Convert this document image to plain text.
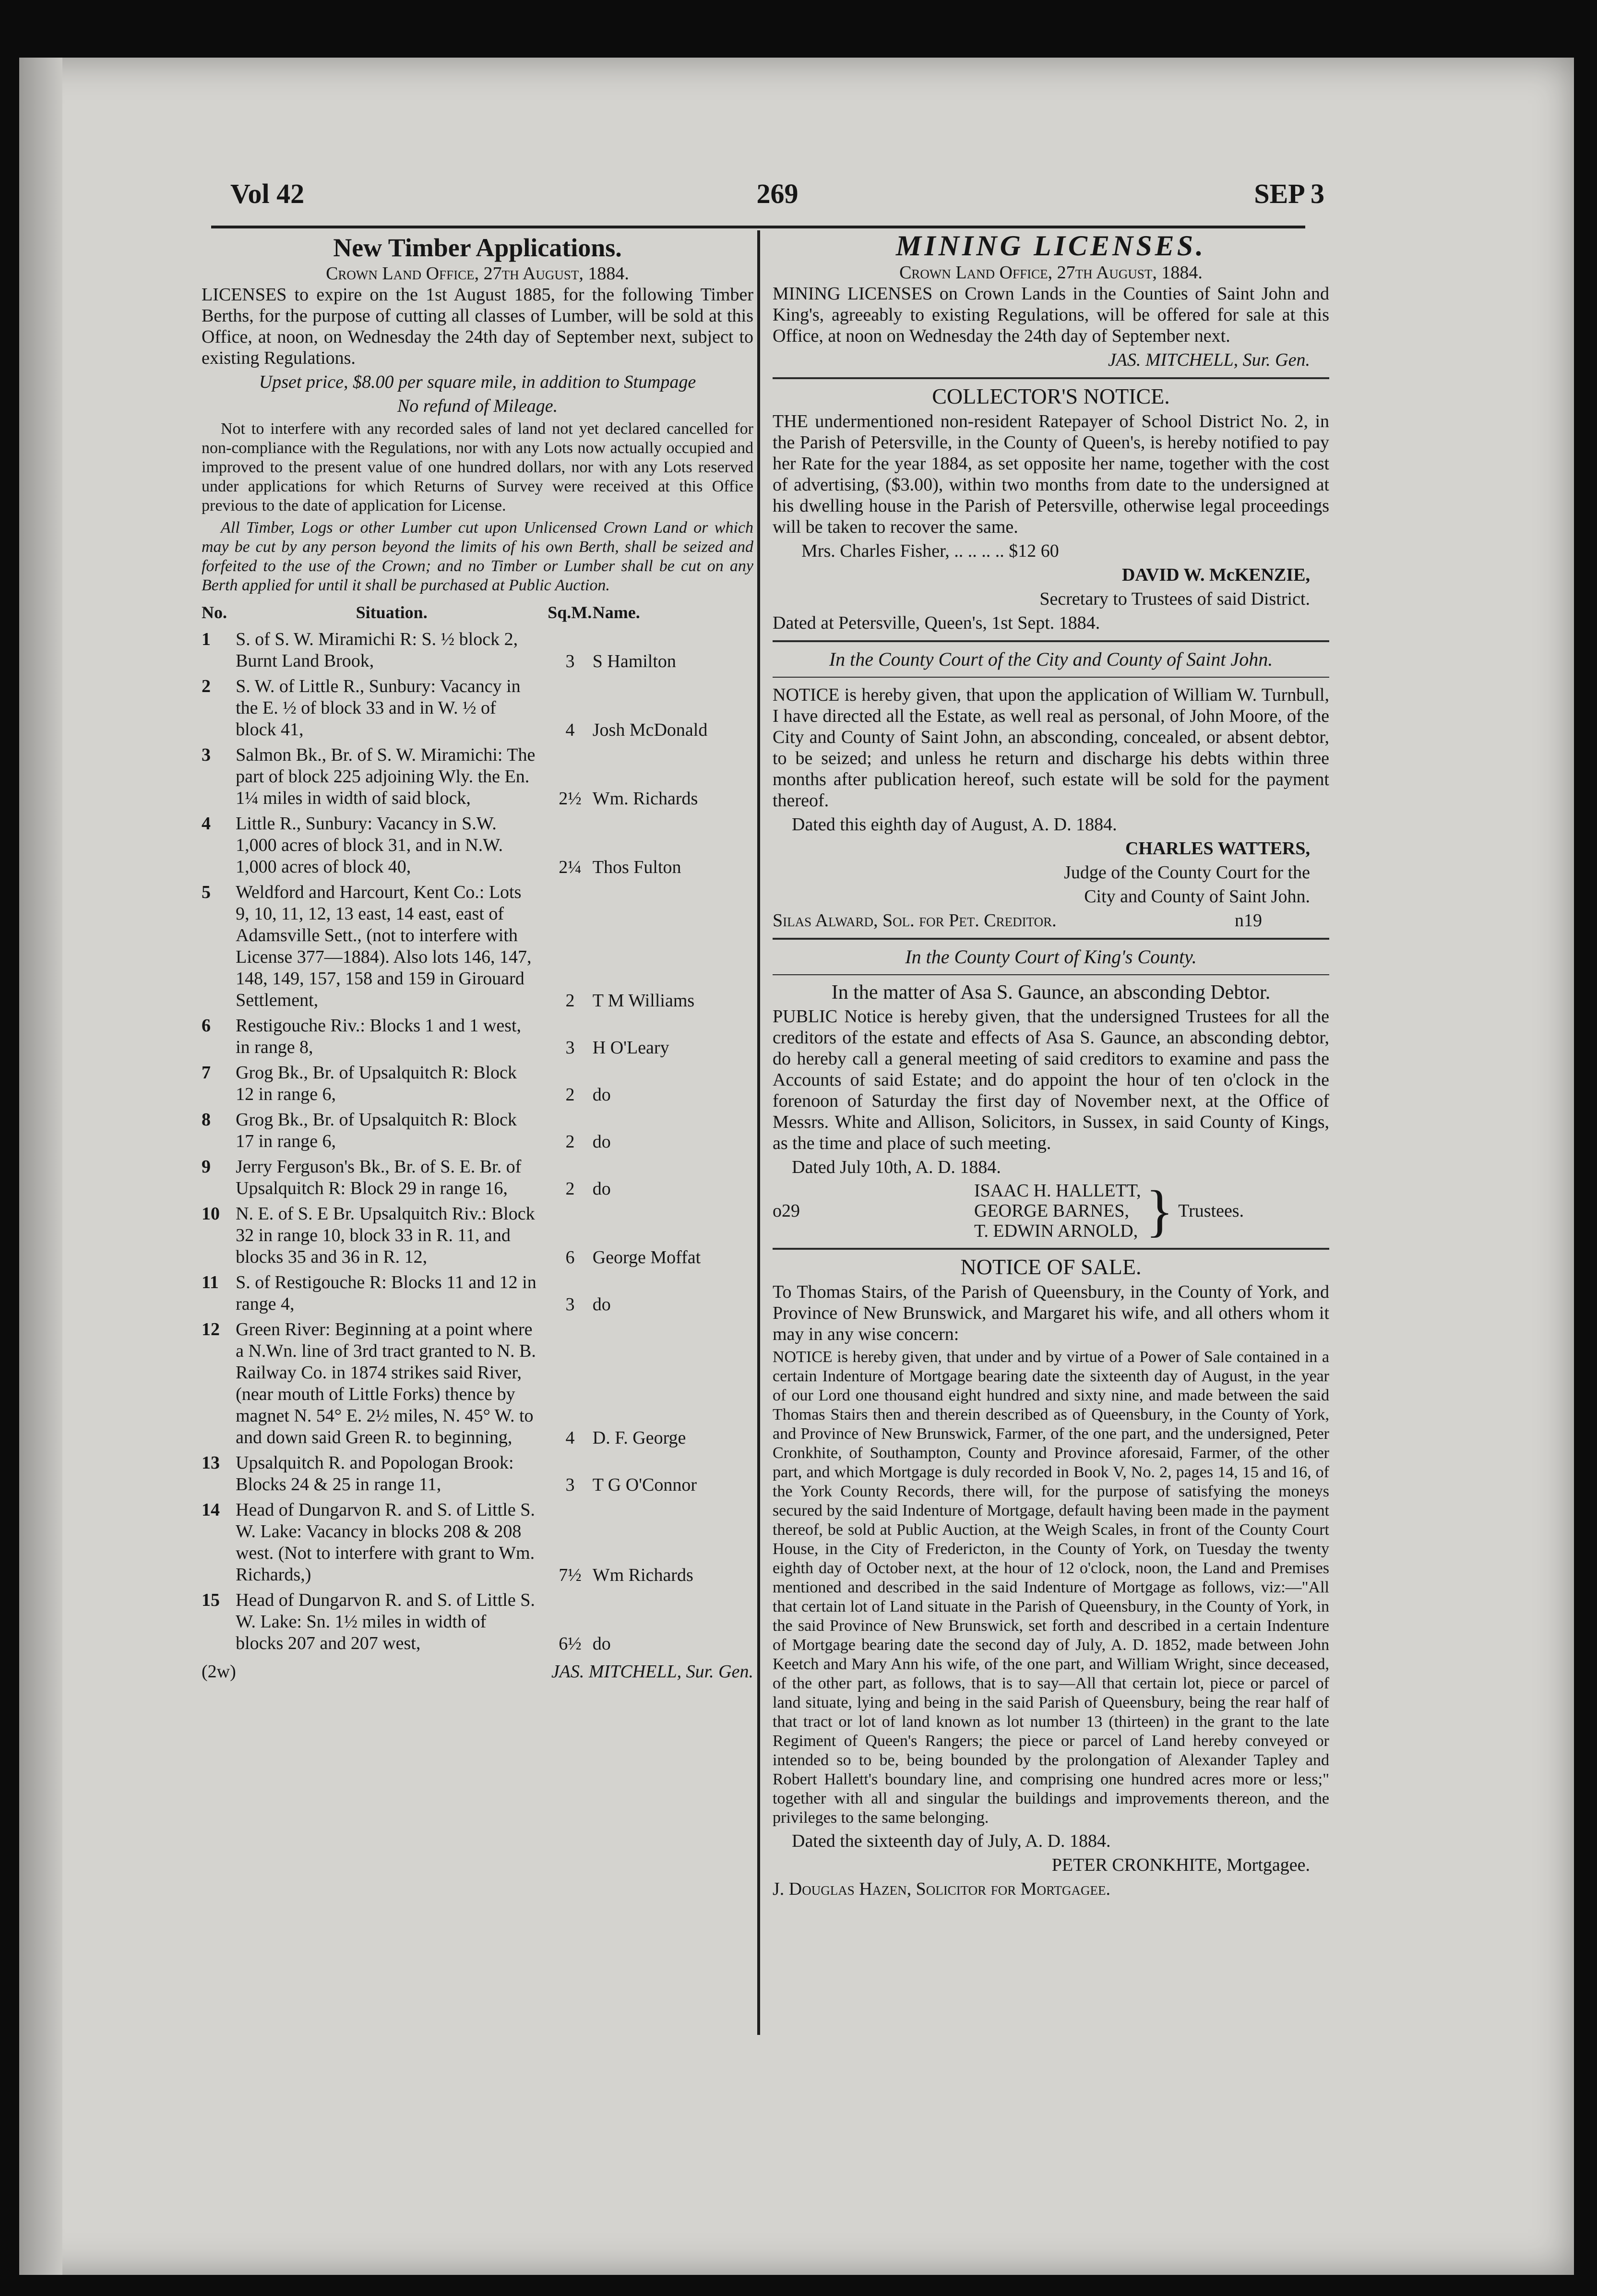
Vol 42	269	SEP 3
New Timber Applications.
Crown Land Office, 27th August, 1884.

LICENSES to expire on the 1st August 1885, for the following Timber Berths, for the purpose of cutting all classes of Lumber, will be sold at this Office, at noon, on Wednesday the 24th day of September next, subject to existing Regulations.

Upset price, $8.00 per square mile, in addition to Stumpage

No refund of Mileage.

Not to interfere with any recorded sales of land not yet declared cancelled for non-compliance with the Regulations, nor with any Lots now actually occupied and improved to the present value of one hundred dollars, nor with any Lots reserved under applications for which Returns of Survey were received at this Office previous to the date of application for License.

All Timber, Logs or other Lumber cut upon Unlicensed Crown Land or which may be cut by any person beyond the limits of his own Berth, shall be seized and forfeited to the use of the Crown; and no Timber or Lumber shall be cut on any Berth applied for until it shall be purchased at Public Auction.

No.	Situation.	Sq.M.	Name.
1	S. of S. W. Miramichi R: S. ½ block 2, Burnt Land Brook,	3	S Hamilton
2	S. W. of Little R., Sunbury: Vacancy in the E. ½ of block 33 and in W. ½ of block 41,	4	Josh McDonald
3	Salmon Bk., Br. of S. W. Miramichi: The part of block 225 adjoining Wly. the En. 1¼ miles in width of said block,	2½	Wm. Richards
4	Little R., Sunbury: Vacancy in S.W. 1,000 acres of block 31, and in N.W. 1,000 acres of block 40,	2¼	Thos Fulton
5	Weldford and Harcourt, Kent Co.: Lots 9, 10, 11, 12, 13 east, 14 east, east of Adamsville Sett., (not to interfere with License 377—1884). Also lots 146, 147, 148, 149, 157, 158 and 159 in Girouard Settlement,	2	T M Williams
6	Restigouche Riv.: Blocks 1 and 1 west, in range 8,	3	H O'Leary
7	Grog Bk., Br. of Upsalquitch R: Block 12 in range 6,	2	do
8	Grog Bk., Br. of Upsalquitch R: Block 17 in range 6,	2	do
9	Jerry Ferguson's Bk., Br. of S. E. Br. of Upsalquitch R: Block 29 in range 16,	2	do
10	N. E. of S. E Br. Upsalquitch Riv.: Block 32 in range 10, block 33 in R. 11, and blocks 35 and 36 in R. 12,	6	George Moffat
11	S. of Restigouche R: Blocks 11 and 12 in range 4,	3	do
12	Green River: Beginning at a point where a N.Wn. line of 3rd tract granted to N. B. Railway Co. in 1874 strikes said River, (near mouth of Little Forks) thence by magnet N. 54° E. 2½ miles, N. 45° W. to and down said Green R. to beginning,	4	D. F. George
13	Upsalquitch R. and Popologan Brook: Blocks 24 & 25 in range 11,	3	T G O'Connor
14	Head of Dungarvon R. and S. of Little S. W. Lake: Vacancy in blocks 208 & 208 west. (Not to interfere with grant to Wm. Richards,)	7½	Wm Richards
15	Head of Dungarvon R. and S. of Little S. W. Lake: Sn. 1½ miles in width of blocks 207 and 207 west,	6½	do
(2w)	JAS. MITCHELL, Sur. Gen.
MINING LICENSES.
Crown Land Office, 27th August, 1884.

MINING LICENSES on Crown Lands in the Counties of Saint John and King's, agreeably to existing Regulations, will be offered for sale at this Office, at noon on Wednesday the 24th day of September next.

JAS. MITCHELL, Sur. Gen.

COLLECTOR'S NOTICE.

THE undermentioned non-resident Ratepayer of School District No. 2, in the Parish of Petersville, in the County of Queen's, is hereby notified to pay her Rate for the year 1884, as set opposite her name, together with the cost of advertising, ($3.00), within two months from date to the undersigned at his dwelling house in the Parish of Petersville, otherwise legal proceedings will be taken to recover the same.

Mrs. Charles Fisher, .. .. .. .. $12 60

DAVID W. McKENZIE,

Secretary to Trustees of said District.

Dated at Petersville, Queen's, 1st Sept. 1884.

In the County Court of the City and County of Saint John.

NOTICE is hereby given, that upon the application of William W. Turnbull, I have directed all the Estate, as well real as personal, of John Moore, of the City and County of Saint John, an absconding, concealed, or absent debtor, to be seized; and unless he return and discharge his debts within three months after publication hereof, such estate will be sold for the payment thereof.

Dated this eighth day of August, A. D. 1884.

CHARLES WATTERS,

Judge of the County Court for the

City and County of Saint John.

Silas Alward, Sol. for Pet. Creditor.	n19

In the County Court of King's County.

In the matter of Asa S. Gaunce, an absconding Debtor.

PUBLIC Notice is hereby given, that the undersigned Trustees for all the creditors of the estate and effects of Asa S. Gaunce, an absconding debtor, do hereby call a general meeting of said creditors to examine and pass the Accounts of said Estate; and do appoint the hour of ten o'clock in the forenoon of Saturday the first day of November next, at the Office of Messrs. White and Allison, Solicitors, in Sussex, in said County of Kings, as the time and place of such meeting.

Dated July 10th, A. D. 1884.

o29
ISAAC H. HALLETT,
GEORGE BARNES,
T. EDWIN ARNOLD, } Trustees.
NOTICE OF SALE.

To Thomas Stairs, of the Parish of Queensbury, in the County of York, and Province of New Brunswick, and Margaret his wife, and all others whom it may in any wise concern:

NOTICE is hereby given, that under and by virtue of a Power of Sale contained in a certain Indenture of Mortgage bearing date the sixteenth day of August, in the year of our Lord one thousand eight hundred and sixty nine, and made between the said Thomas Stairs then and therein described as of Queensbury, in the County of York, and Province of New Brunswick, Farmer, of the one part, and the undersigned, Peter Cronkhite, of Southampton, County and Province aforesaid, Farmer, of the other part, and which Mortgage is duly recorded in Book V, No. 2, pages 14, 15 and 16, of the York County Records, there will, for the purpose of satisfying the moneys secured by the said Indenture of Mortgage, default having been made in the payment thereof, be sold at Public Auction, at the Weigh Scales, in front of the County Court House, in the City of Fredericton, in the County of York, on Tuesday the twenty eighth day of October next, at the hour of 12 o'clock, noon, the Land and Premises mentioned and described in the said Indenture of Mortgage as follows, viz:—"All that certain lot of Land situate in the Parish of Queensbury, in the County of York, in the said Province of New Brunswick, set forth and described in a certain Indenture of Mortgage bearing date the second day of July, A. D. 1852, made between John Keetch and Mary Ann his wife, of the one part, and William Wright, since deceased, of the other part, as follows, that is to say—All that certain lot, piece or parcel of land situate, lying and being in the said Parish of Queensbury, being the rear half of that tract or lot of land known as lot number 13 (thirteen) in the grant to the late Regiment of Queen's Rangers; the piece or parcel of Land hereby conveyed or intended so to be, being bounded by the prolongation of Alexander Tapley and Robert Hallett's boundary line, and comprising one hundred acres more or less;" together with all and singular the buildings and improvements thereon, and the privileges to the same belonging.

Dated the sixteenth day of July, A. D. 1884.

PETER CRONKHITE, Mortgagee.

J. Douglas Hazen, Solicitor for Mortgagee.
